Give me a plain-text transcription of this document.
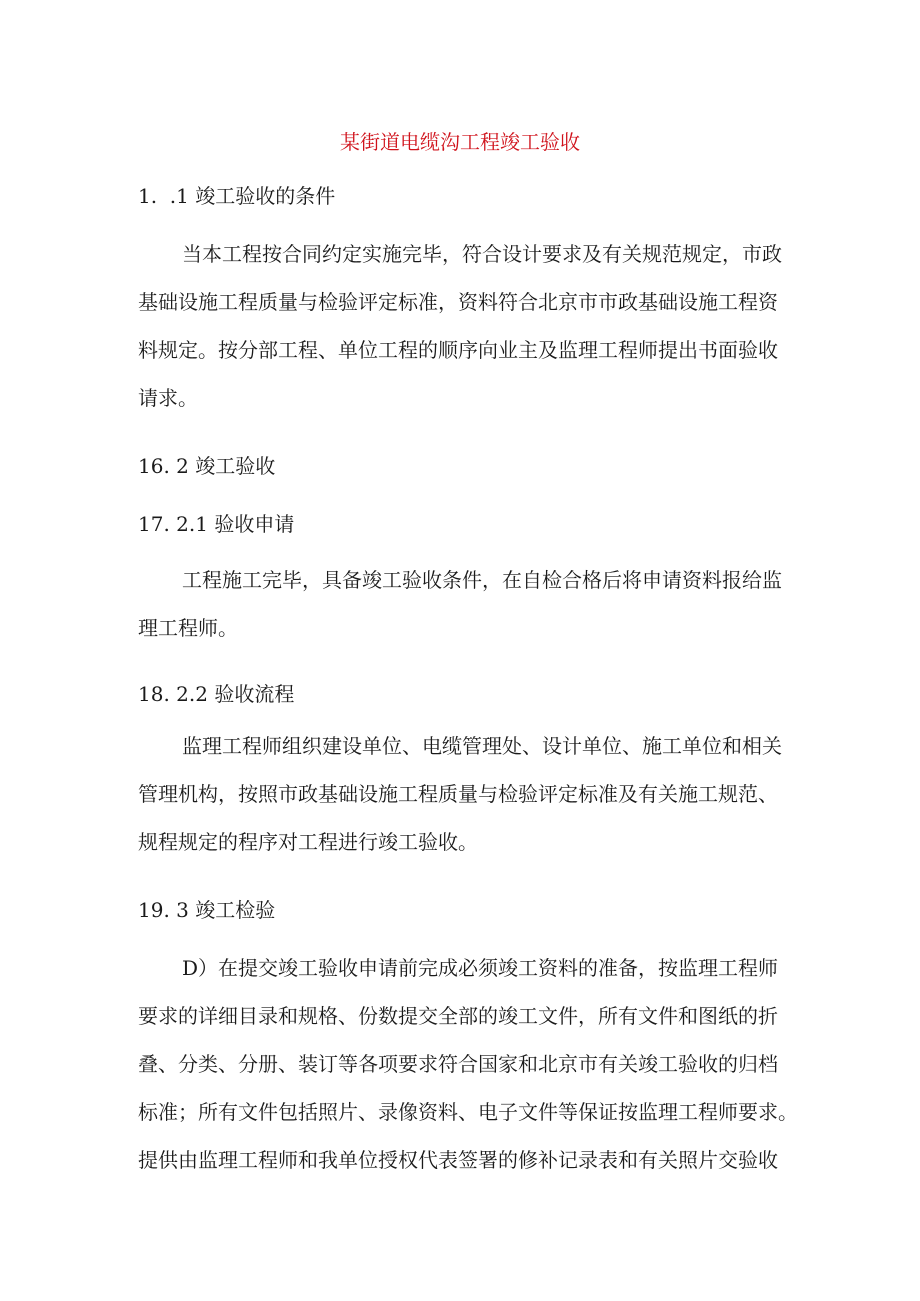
某街道电缆沟工程竣工验收

1.  .1 竣工验收的条件

当本工程按合同约定实施完毕，符合设计要求及有关规范规定，市政
基础设施工程质量与检验评定标准，资料符合北京市市政基础设施工程资
料规定。按分部工程、单位工程的顺序向业主及监理工程师提出书面验收
请求。

16. 2 竣工验收

17. 2.1 验收申请

工程施工完毕，具备竣工验收条件，在自检合格后将申请资料报给监
理工程师。

18. 2.2 验收流程

监理工程师组织建设单位、电缆管理处、设计单位、施工单位和相关
管理机构，按照市政基础设施工程质量与检验评定标准及有关施工规范、
规程规定的程序对工程进行竣工验收。

19. 3 竣工检验

D）在提交竣工验收申请前完成必须竣工资料的准备，按监理工程师
要求的详细目录和规格、份数提交全部的竣工文件，所有文件和图纸的折
叠、分类、分册、装订等各项要求符合国家和北京市有关竣工验收的归档
标准；所有文件包括照片、录像资料、电子文件等保证按监理工程师要求。
提供由监理工程师和我单位授权代表签署的修补记录表和有关照片交验收
